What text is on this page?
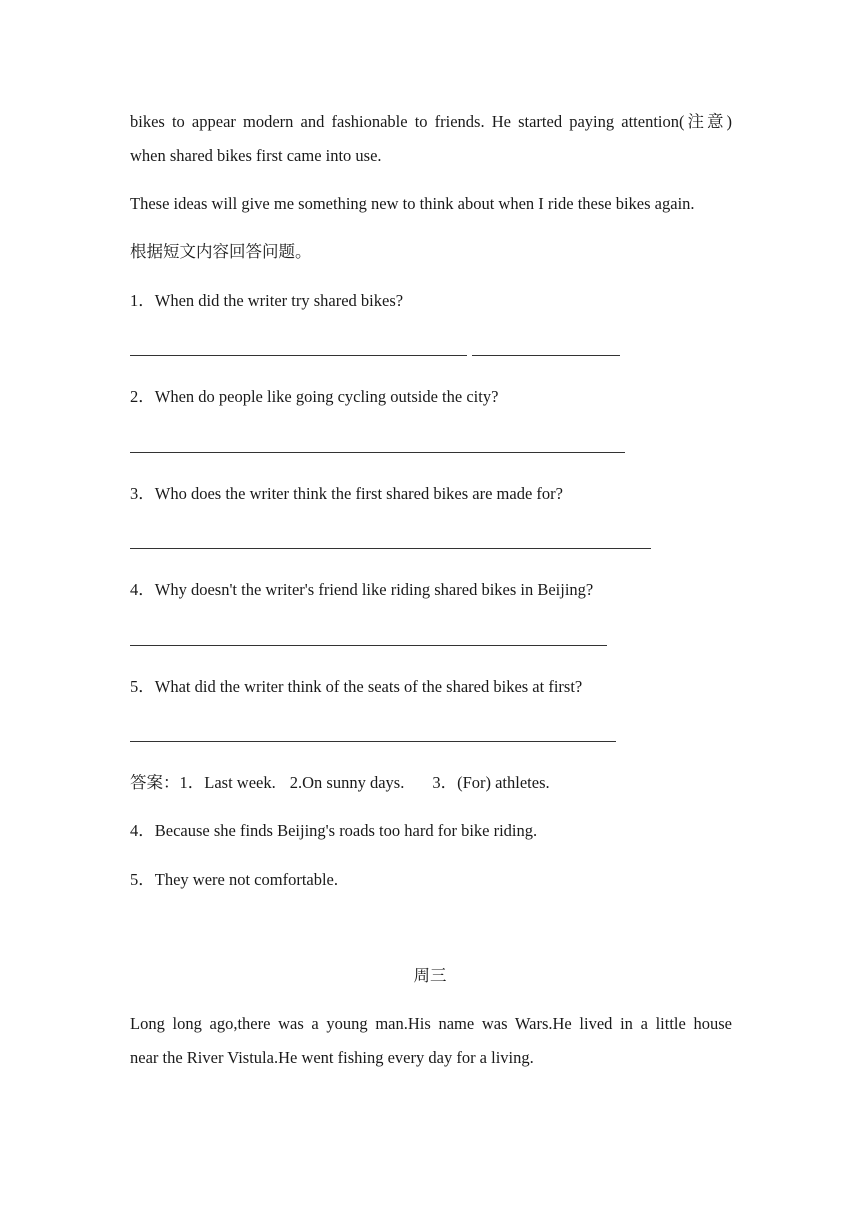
bikes to appear modern and fashionable to friends. He started paying attention(注意)
when shared bikes first came into use.
These ideas will give me something new to think about when I ride these bikes again.
根据短文内容回答问题。
1．When did the writer try shared bikes?
2．When do people like going cycling outside the city?
3．Who does the writer think the first shared bikes are made for?
4．Why doesn't the writer's friend like riding shared bikes in Beijing?
5．What did the writer think of the seats of the shared bikes at first?
答案：1．Last week. 2.On sunny days. 3．(For) athletes.
4．Because she finds Beijing's roads too hard for bike riding.
5．They were not comfortable.
周三
Long long ago,there was a young man.His name was Wars.He lived in a little house
near the River Vistula.He went fishing every day for a living.
